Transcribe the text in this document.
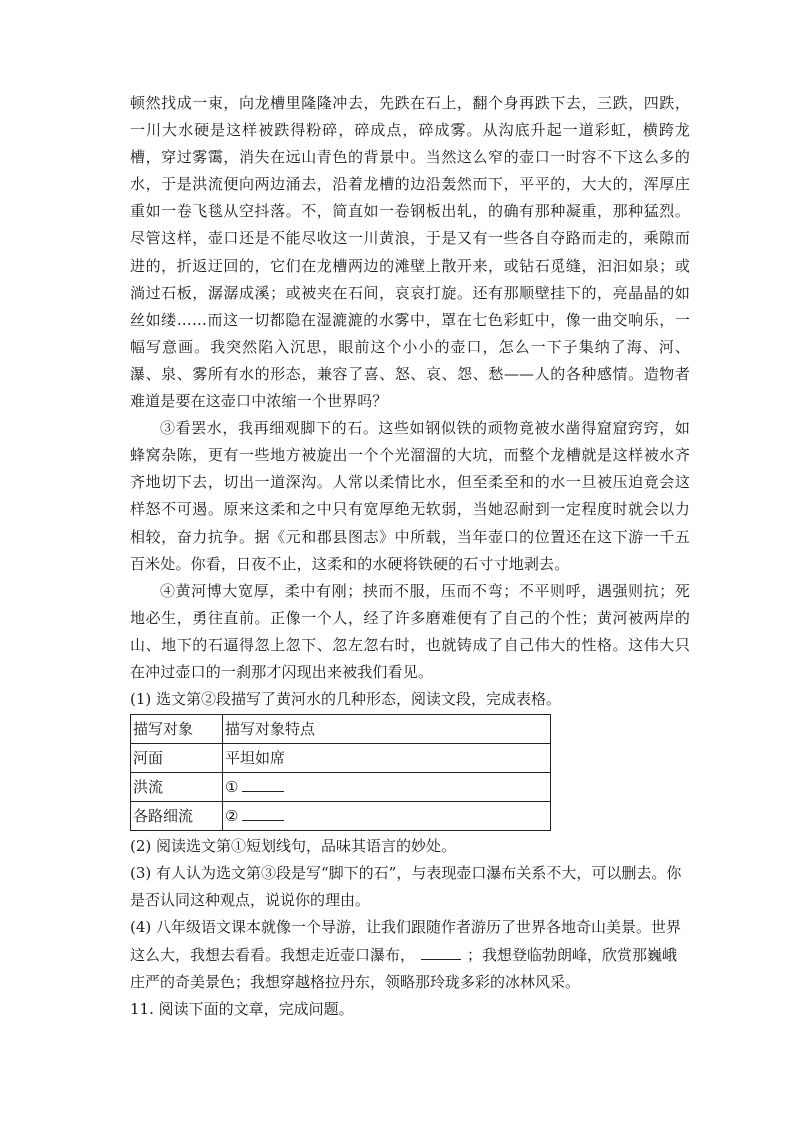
顿然找成一束，向龙槽里隆隆冲去，先跌在石上，翻个身再跌下去，三跌，四跌，一川大水硬是这样被跌得粉碎，碎成点，碎成雾。从沟底升起一道彩虹，横跨龙槽，穿过雾霭，消失在远山青色的背景中。当然这么窄的壶口一时容不下这么多的水，于是洪流便向两边涌去，沿着龙槽的边沿轰然而下，平平的，大大的，浑厚庄重如一卷飞毯从空抖落。不，简直如一卷钢板出轧，的确有那种凝重，那种猛烈。尽管这样，壶口还是不能尽收这一川黄浪，于是又有一些各自夺路而走的，乘隙而进的，折返迂回的，它们在龙槽两边的滩壁上散开来，或钻石觅缝，汩汩如泉；或淌过石板，潺潺成溪；或被夹在石间，哀哀打旋。还有那顺壁挂下的，亮晶晶的如丝如缕……而这一切都隐在湿漉漉的水雾中，罩在七色彩虹中，像一曲交响乐，一幅写意画。我突然陷入沉思，眼前这个小小的壶口，怎么一下子集纳了海、河、瀑、泉、雾所有水的形态，兼容了喜、怒、哀、怨、愁——人的各种感情。造物者难道是要在这壶口中浓缩一个世界吗？

③看罢水，我再细观脚下的石。这些如钢似铁的顽物竟被水凿得窟窟窍窍，如蜂窝杂陈，更有一些地方被旋出一个个光溜溜的大坑，而整个龙槽就是这样被水齐齐地切下去，切出一道深沟。人常以柔情比水，但至柔至和的水一旦被压迫竟会这样怒不可遏。原来这柔和之中只有宽厚绝无软弱，当她忍耐到一定程度时就会以力相较，奋力抗争。据《元和郡县图志》中所载，当年壶口的位置还在这下游一千五百米处。你看，日夜不止，这柔和的水硬将铁硬的石寸寸地剥去。

④黄河博大宽厚，柔中有刚；挟而不服，压而不弯；不平则呼，遇强则抗；死地必生，勇往直前。正像一个人，经了许多磨难便有了自己的个性；黄河被两岸的山、地下的石逼得忽上忽下、忽左忽右时，也就铸成了自己伟大的性格。这伟大只在冲过壶口的一刹那才闪现出来被我们看见。

(1) 选文第②段描写了黄河水的几种形态，阅读文段，完成表格。

描写对象	描写对象特点
河面	平坦如席
洪流	①
各路细流	②

(2) 阅读选文第①短划线句，品味其语言的妙处。

(3) 有人认为选文第③段是写“脚下的石”，与表现壶口瀑布关系不大，可以删去。你是否认同这种观点，说说你的理由。

(4) 八年级语文课本就像一个导游，让我们跟随作者游历了世界各地奇山美景。世界这么大，我想去看看。我想走近壶口瀑布，	；我想登临勃朗峰，欣赏那巍峨庄严的奇美景色；我想穿越格拉丹东，领略那玲珑多彩的冰林风采。

11. 阅读下面的文章，完成问题。
